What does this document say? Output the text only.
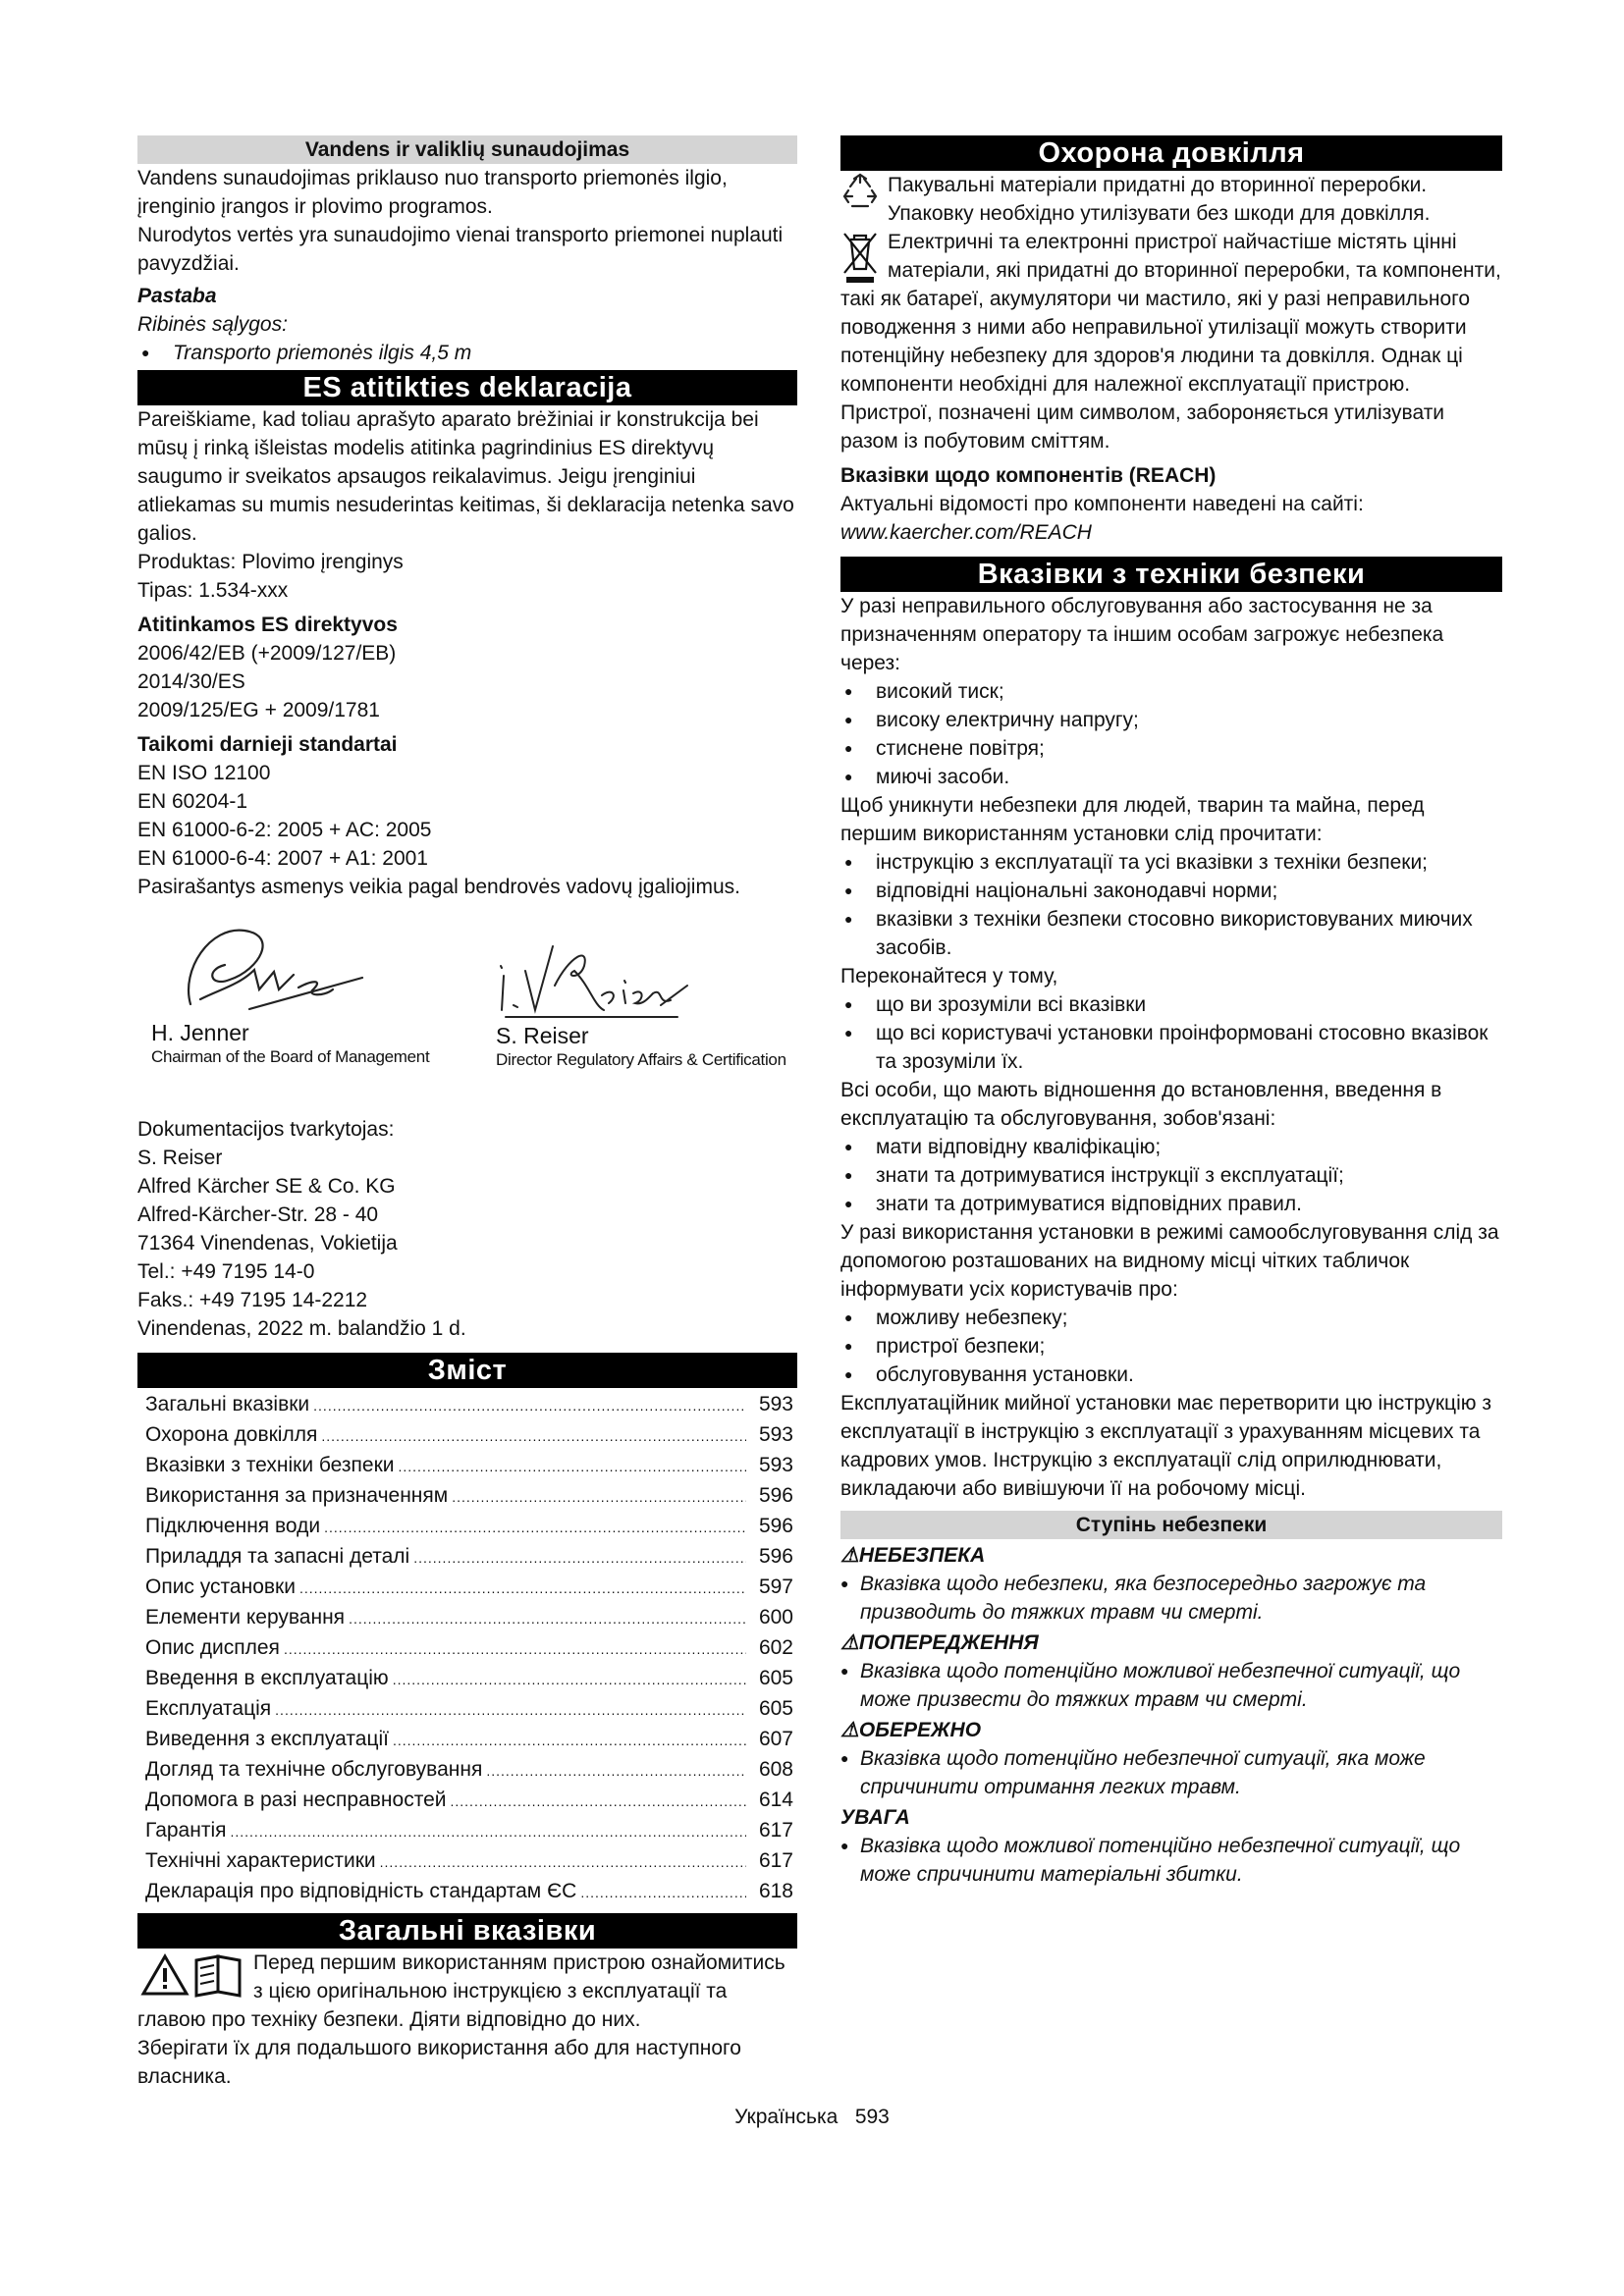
Vandens ir valiklių sunaudojimas

Vandens sunaudojimas priklauso nuo transporto priemonės ilgio, įrenginio įrangos ir plovimo programos.

Nurodytos vertės yra sunaudojimo vienai transporto priemonei nuplauti pavyzdžiai.

Pastaba

Ribinės sąlygos:

● Transporto priemonės ilgis 4,5 m
ES atitikties deklaracija

Pareiškiame, kad toliau aprašyto aparato brėžiniai ir konstrukcija bei mūsų į rinką išleistas modelis atitinka pagrindinius ES direktyvų saugumo ir sveikatos apsaugos reikalavimus. Jeigu įrenginiui atliekamas su mumis nesuderintas keitimas, ši deklaracija netenka savo galios.

Produktas: Plovimo įrenginys

Tipas: 1.534-xxx

Atitinkamos ES direktyvos

2006/42/EB (+2009/127/EB)

2014/30/ES

2009/125/EG + 2009/1781

Taikomi darnieji standartai

EN ISO 12100

EN 60204-1

EN 61000-6-2: 2005 + AC: 2005

EN 61000-6-4: 2007 + A1: 2001

Pasirašantys asmenys veikia pagal bendrovės vadovų įgaliojimus.

H. Jenner
Chairman of the Board of Management
S. Reiser
Director Regulatory Affairs & Certification

Dokumentacijos tvarkytojas:

S. Reiser

Alfred Kärcher SE & Co. KG

Alfred-Kärcher-Str. 28 - 40

71364 Vinendenas, Vokietija

Tel.: +49 7195 14-0

Faks.: +49 7195 14-2212

Vinendenas, 2022 m. balandžio 1 d.

Зміст
Загальні вказівки .....	593
Охорона довкілля .....	593
Вказівки з техніки безпеки .....	593
Використання за призначенням .....	596
Підключення води .....	596
Приладдя та запасні деталі .....	596
Опис установки .....	597
Елементи керування .....	600
Опис дисплея .....	602
Введення в експлуатацію .....	605
Експлуатація .....	605
Виведення з експлуатації .....	607
Догляд та технічне обслуговування .....	608
Допомога в разі несправностей .....	614
Гарантія .....	617
Технічні характеристики .....	617
Декларація про відповідність стандартам ЄС .....	618
Загальні вказівки

Перед першим використанням пристрою ознайомитись з цією оригінальною інструкцією з експлуатації та главою про техніку безпеки. Діяти відповідно до них.

Зберігати їх для подальшого використання або для наступного власника.

Охорона довкілля

Пакувальні матеріали придатні до вторинної переробки. Упаковку необхідно утилізувати без шкоди для довкілля.

Електричні та електронні пристрої найчастіше містять цінні матеріали, які придатні до вторинної переробки, та компоненти, такі як батареї, акумулятори чи мастило, які у разі неправильного поводження з ними або неправильної утилізації можуть створити потенційну небезпеку для здоров'я людини та довкілля. Однак ці компоненти необхідні для належної експлуатації пристрою. Пристрої, позначені цим символом, забороняється утилізувати разом із побутовим сміттям.

Вказівки щодо компонентів (REACH)

Актуальні відомості про компоненти наведені на сайті:

www.kaercher.com/REACH

Вказівки з техніки безпеки

У разі неправильного обслуговування або застосування не за призначенням оператору та іншим особам загрожує небезпека через:

● високий тиск;
● високу електричну напругу;
● стиснене повітря;
● миючі засоби.

Щоб уникнути небезпеки для людей, тварин та майна, перед першим використанням установки слід прочитати:

● інструкцію з експлуатації та усі вказівки з техніки безпеки;
● відповідні національні законодавчі норми;
● вказівки з техніки безпеки стосовно використовуваних миючих засобів.

Переконайтеся у тому,

● що ви зрозуміли всі вказівки
● що всі користувачі установки проінформовані стосовно вказівок та зрозуміли їх.

Всі особи, що мають відношення до встановлення, введення в експлуатацію та обслуговування, зобов'язані:

● мати відповідну кваліфікацію;
● знати та дотримуватися інструкції з експлуатації;
● знати та дотримуватися відповідних правил.

У разі використання установки в режимі самообслуговування слід за допомогою розташованих на видному місці чітких табличок інформувати усіх користувачів про:

● можливу небезпеку;
● пристрої безпеки;
● обслуговування установки.

Експлуатаційник мийної установки має перетворити цю інструкцію з експлуатації в інструкцію з експлуатації з урахуванням місцевих та кадрових умов. Інструкцію з експлуатації слід оприлюднювати, викладаючи або вивішуючи її на робочому місці.

Ступінь небезпеки

⚠НЕБЕЗПЕКА

● Вказівка щодо небезпеки, яка безпосередньо загрожує та призводить до тяжких травм чи смерті.

⚠ПОПЕРЕДЖЕННЯ

● Вказівка щодо потенційно можливої небезпечної ситуації, що може призвести до тяжких травм чи смерті.

⚠ОБЕРЕЖНО

● Вказівка щодо потенційно небезпечної ситуації, яка може спричинити отримання легких травм.

УВАГА

● Вказівка щодо можливої потенційно небезпечної ситуації, що може спричинити матеріальні збитки.

Українська 593
